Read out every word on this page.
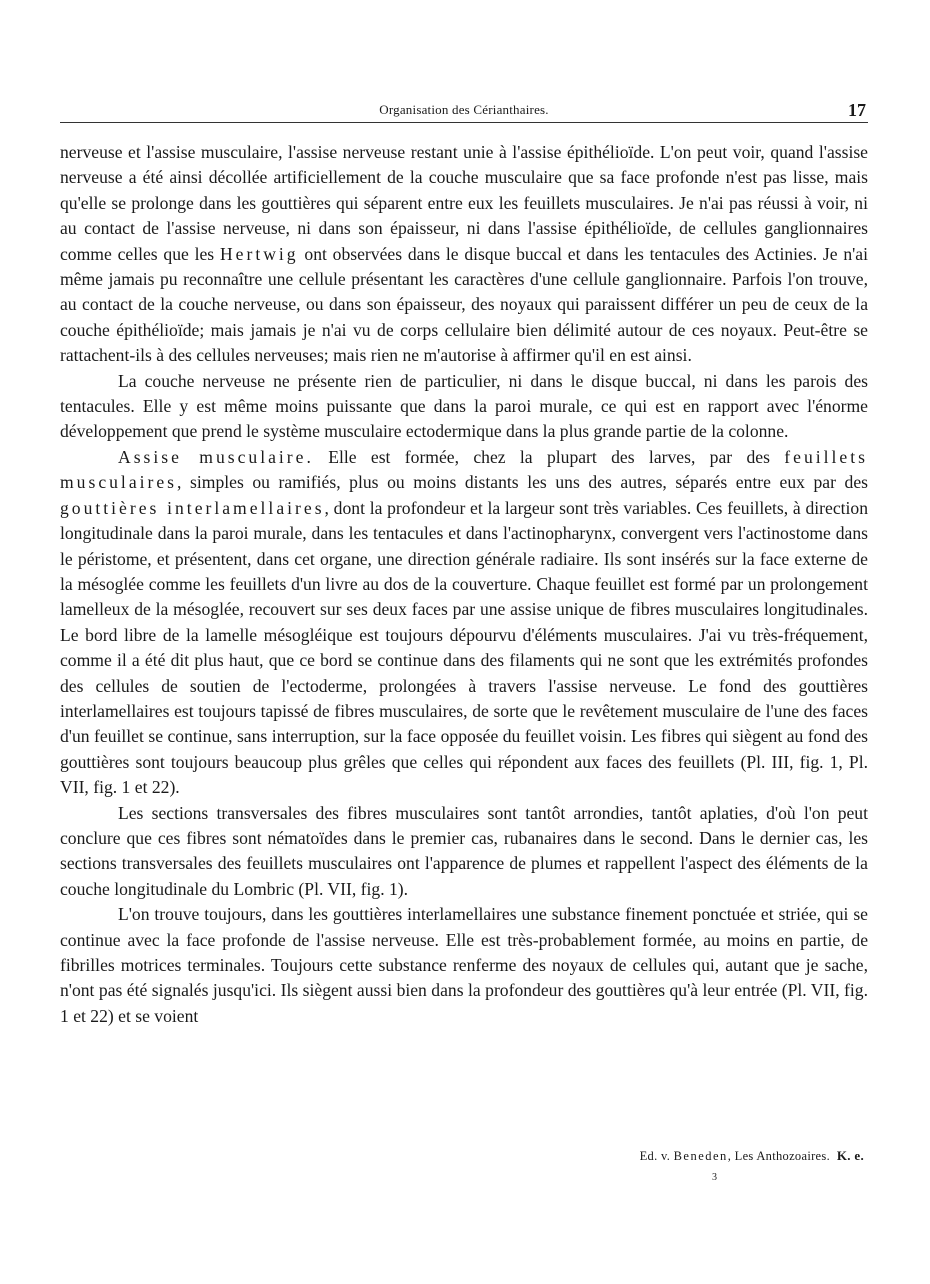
Organisation des Cérianthaires.	17

nerveuse et l'assise musculaire, l'assise nerveuse restant unie à l'assise épithélioïde. L'on peut voir, quand l'assise nerveuse a été ainsi décollée artificiellement de la couche musculaire que sa face profonde n'est pas lisse, mais qu'elle se prolonge dans les gouttières qui séparent entre eux les feuillets musculaires. Je n'ai pas réussi à voir, ni au contact de l'assise nerveuse, ni dans son épaisseur, ni dans l'assise épithélioïde, de cellules ganglionnaires comme celles que les Hertwig ont observées dans le disque buccal et dans les tentacules des Actinies. Je n'ai même jamais pu reconnaître une cellule présentant les caractères d'une cellule ganglionnaire. Parfois l'on trouve, au contact de la couche nerveuse, ou dans son épaisseur, des noyaux qui paraissent différer un peu de ceux de la couche épithélioïde; mais jamais je n'ai vu de corps cellulaire bien délimité autour de ces noyaux. Peut-être se rattachent-ils à des cellules nerveuses; mais rien ne m'autorise à affirmer qu'il en est ainsi.

La couche nerveuse ne présente rien de particulier, ni dans le disque buccal, ni dans les parois des tentacules. Elle y est même moins puissante que dans la paroi murale, ce qui est en rapport avec l'énorme développement que prend le système musculaire ectodermique dans la plus grande partie de la colonne.

Assise musculaire. Elle est formée, chez la plupart des larves, par des feuillets musculaires, simples ou ramifiés, plus ou moins distants les uns des autres, séparés entre eux par des gouttières interlamellaires, dont la profondeur et la largeur sont très variables. Ces feuillets, à direction longitudinale dans la paroi murale, dans les tentacules et dans l'actinopharynx, convergent vers l'actinostome dans le péristome, et présentent, dans cet organe, une direction générale radiaire. Ils sont insérés sur la face externe de la mésoglée comme les feuillets d'un livre au dos de la couverture. Chaque feuillet est formé par un prolongement lamelleux de la mésoglée, recouvert sur ses deux faces par une assise unique de fibres musculaires longitudinales. Le bord libre de la lamelle mésogléique est toujours dépourvu d'éléments musculaires. J'ai vu très-fréquement, comme il a été dit plus haut, que ce bord se continue dans des filaments qui ne sont que les extrémités profondes des cellules de soutien de l'ectoderme, prolongées à travers l'assise nerveuse. Le fond des gouttières interlamellaires est toujours tapissé de fibres musculaires, de sorte que le revêtement musculaire de l'une des faces d'un feuillet se continue, sans interruption, sur la face opposée du feuillet voisin. Les fibres qui siègent au fond des gouttières sont toujours beaucoup plus grêles que celles qui répondent aux faces des feuillets (Pl. III, fig. 1, Pl. VII, fig. 1 et 22).

Les sections transversales des fibres musculaires sont tantôt arrondies, tantôt aplaties, d'où l'on peut conclure que ces fibres sont nématoïdes dans le premier cas, rubanaires dans le second. Dans le dernier cas, les sections transversales des feuillets musculaires ont l'apparence de plumes et rappellent l'aspect des éléments de la couche longitudinale du Lombric (Pl. VII, fig. 1).

L'on trouve toujours, dans les gouttières interlamellaires une substance finement ponctuée et striée, qui se continue avec la face profonde de l'assise nerveuse. Elle est très-probablement formée, au moins en partie, de fibrilles motrices terminales. Toujours cette substance renferme des noyaux de cellules qui, autant que je sache, n'ont pas été signalés jusqu'ici. Ils siègent aussi bien dans la profondeur des gouttières qu'à leur entrée (Pl. VII, fig. 1 et 22) et se voient

Ed. v. Beneden, Les Anthozoaires. K. e.
3
